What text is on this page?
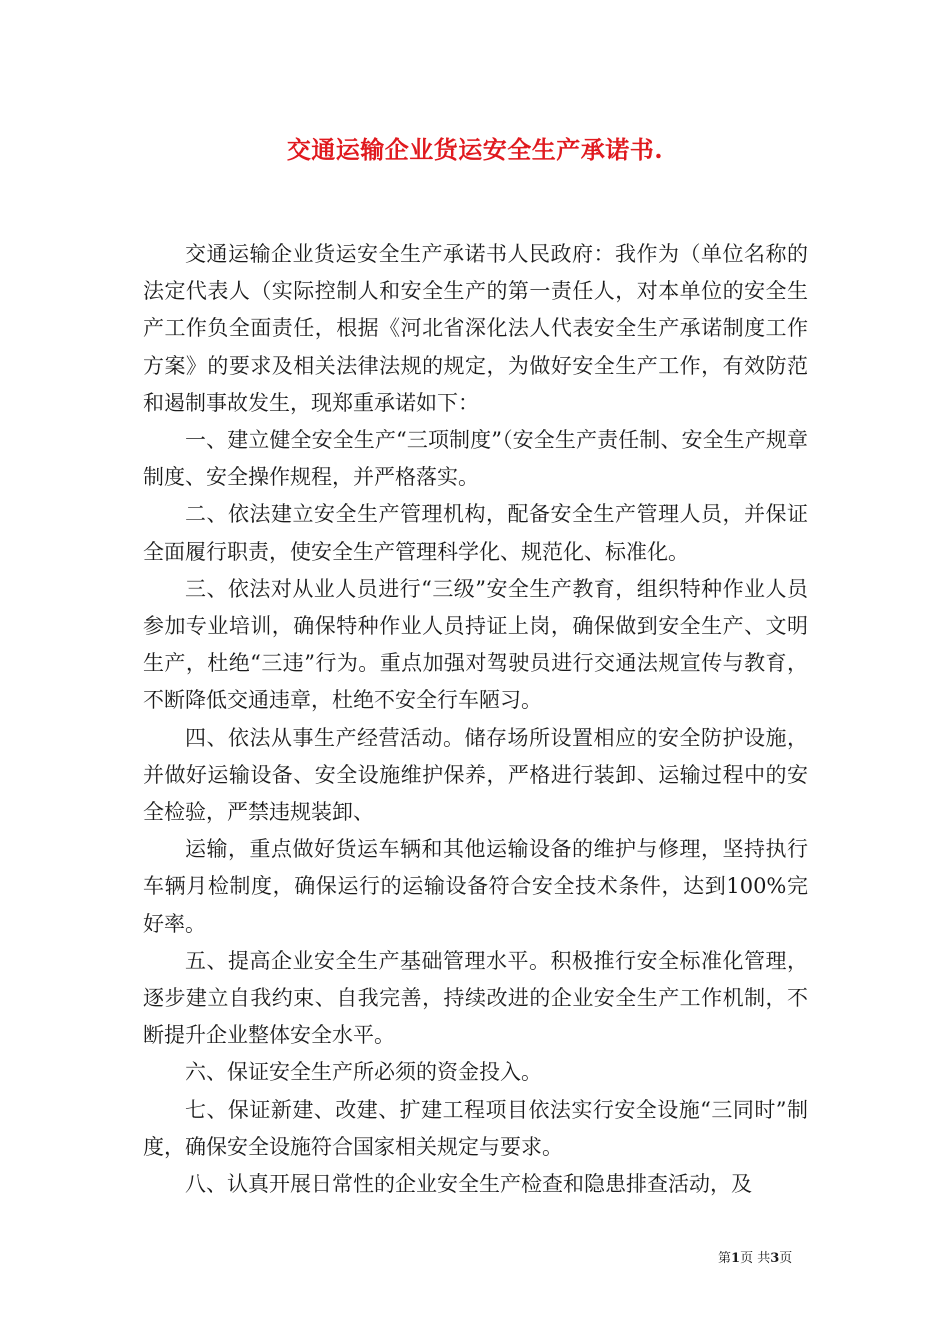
交通运输企业货运安全生产承诺书.

交通运输企业货运安全生产承诺书人民政府：我作为（单位名称的法定代表人（实际控制人和安全生产的第一责任人，对本单位的安全生产工作负全面责任，根据《河北省深化法人代表安全生产承诺制度工作方案》的要求及相关法律法规的规定，为做好安全生产工作，有效防范和遏制事故发生，现郑重承诺如下：

一、建立健全安全生产“三项制度”（安全生产责任制、安全生产规章制度、安全操作规程，并严格落实。

二、依法建立安全生产管理机构，配备安全生产管理人员，并保证全面履行职责，使安全生产管理科学化、规范化、标准化。

三、依法对从业人员进行“三级”安全生产教育，组织特种作业人员参加专业培训，确保特种作业人员持证上岗，确保做到安全生产、文明生产，杜绝“三违”行为。重点加强对驾驶员进行交通法规宣传与教育，不断降低交通违章，杜绝不安全行车陋习。

四、依法从事生产经营活动。储存场所设置相应的安全防护设施，并做好运输设备、安全设施维护保养，严格进行装卸、运输过程中的安全检验，严禁违规装卸、

运输，重点做好货运车辆和其他运输设备的维护与修理，坚持执行车辆月检制度，确保运行的运输设备符合安全技术条件，达到100%完好率。

五、提高企业安全生产基础管理水平。积极推行安全标准化管理，逐步建立自我约束、自我完善，持续改进的企业安全生产工作机制，不断提升企业整体安全水平。

六、保证安全生产所必须的资金投入。

七、保证新建、改建、扩建工程项目依法实行安全设施“三同时”制度，确保安全设施符合国家相关规定与要求。

八、认真开展日常性的企业安全生产检查和隐患排查活动，及

第1页 共3页
